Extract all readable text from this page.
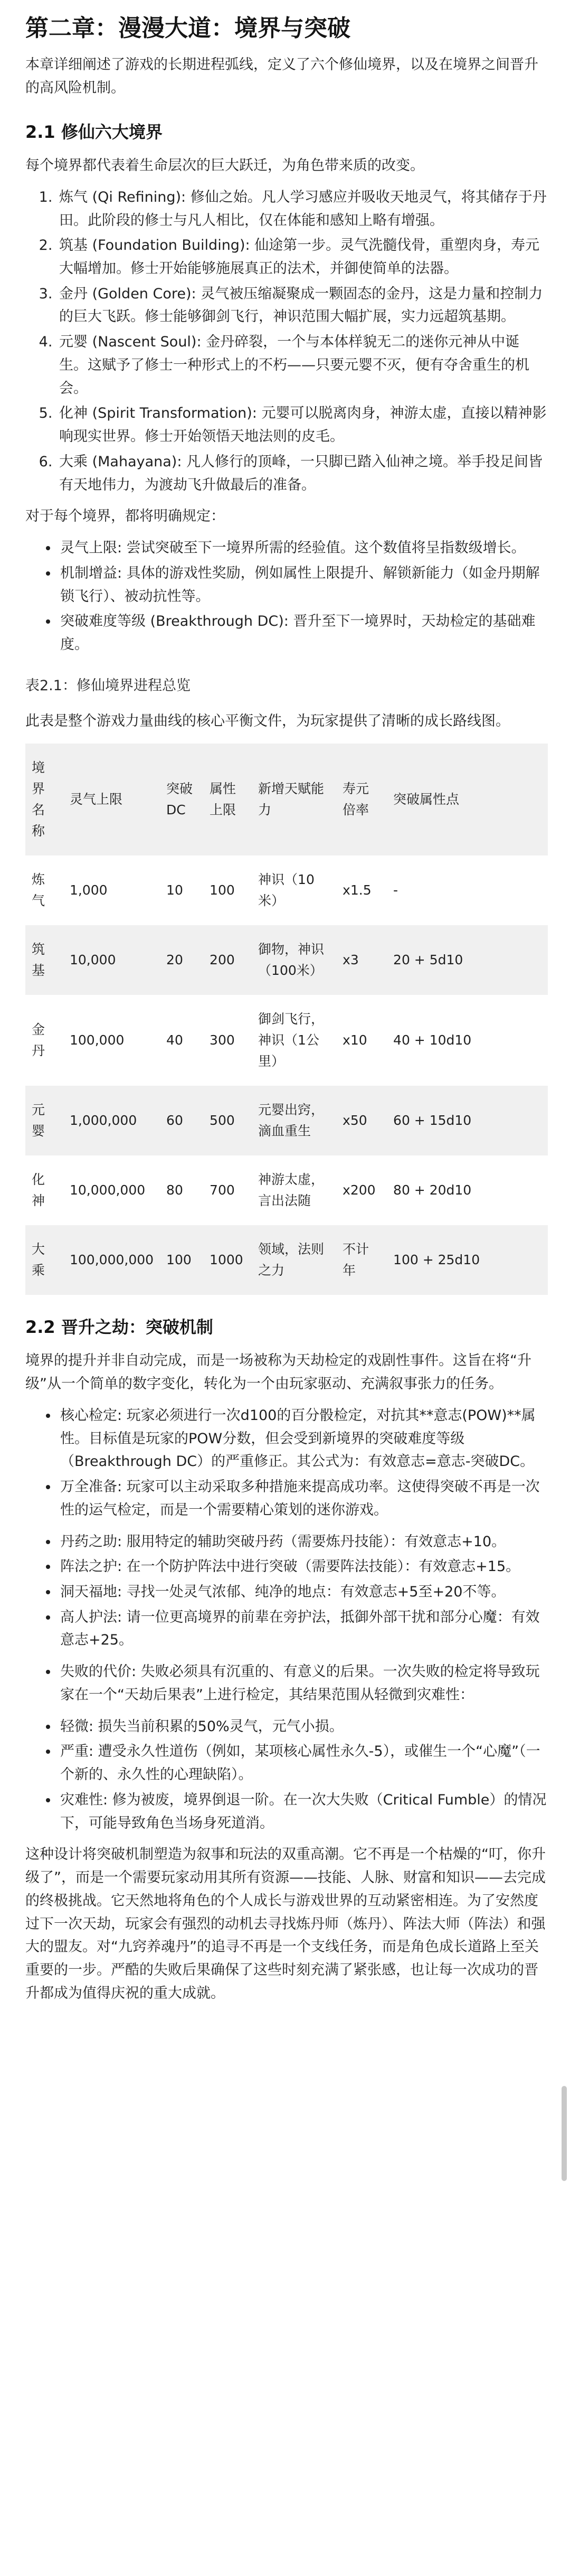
第二章：漫漫大道：境界与突破

本章详细阐述了游戏的长期进程弧线，定义了六个修仙境界，以及在境界之间晋升的高风险机制。

2.1 修仙六大境界

每个境界都代表着生命层次的巨大跃迁，为角色带来质的改变。

1. 炼气 (Qi Refining): 修仙之始。凡人学习感应并吸收天地灵气，将其储存于丹田。此阶段的修士与凡人相比，仅在体能和感知上略有增强。
2. 筑基 (Foundation Building): 仙途第一步。灵气洗髓伐骨，重塑肉身，寿元大幅增加。修士开始能够施展真正的法术，并御使简单的法器。
3. 金丹 (Golden Core): 灵气被压缩凝聚成一颗固态的金丹，这是力量和控制力的巨大飞跃。修士能够御剑飞行，神识范围大幅扩展，实力远超筑基期。
4. 元婴 (Nascent Soul): 金丹碎裂，一个与本体样貌无二的迷你元神从中诞生。这赋予了修士一种形式上的不朽——只要元婴不灭，便有夺舍重生的机会。
5. 化神 (Spirit Transformation): 元婴可以脱离肉身，神游太虚，直接以精神影响现实世界。修士开始领悟天地法则的皮毛。
6. 大乘 (Mahayana): 凡人修行的顶峰，一只脚已踏入仙神之境。举手投足间皆有天地伟力，为渡劫飞升做最后的准备。

对于每个境界，都将明确规定：

• 灵气上限: 尝试突破至下一境界所需的经验值。这个数值将呈指数级增长。
• 机制增益: 具体的游戏性奖励，例如属性上限提升、解锁新能力（如金丹期解锁飞行）、被动抗性等。
• 突破难度等级 (Breakthrough DC): 晋升至下一境界时，天劫检定的基础难度。

表2.1：修仙境界进程总览

此表是整个游戏力量曲线的核心平衡文件，为玩家提供了清晰的成长路线图。

境界名称	灵气上限	突破DC	属性上限	新增天赋能力	寿元倍率	突破属性点
炼气	1,000	10	100	神识（10米）	x1.5	-
筑基	10,000	20	200	御物，神识（100米）	x3	20 + 5d10
金丹	100,000	40	300	御剑飞行，神识（1公里）	x10	40 + 10d10
元婴	1,000,000	60	500	元婴出窍，滴血重生	x50	60 + 15d10
化神	10,000,000	80	700	神游太虚，言出法随	x200	80 + 20d10
大乘	100,000,000	100	1000	领域，法则之力	不计年	100 + 25d10
2.2 晋升之劫：突破机制

境界的提升并非自动完成，而是一场被称为天劫检定的戏剧性事件。这旨在将“升级”从一个简单的数字变化，转化为一个由玩家驱动、充满叙事张力的任务。

• 核心检定: 玩家必须进行一次d100的百分骰检定，对抗其**意志(POW)**属性。目标值是玩家的POW分数，但会受到新境界的突破难度等级（Breakthrough DC）的严重修正。其公式为：有效意志=意志-突破DC。
• 万全准备: 玩家可以主动采取多种措施来提高成功率。这使得突破不再是一次性的运气检定，而是一个需要精心策划的迷你游戏。
• 丹药之助: 服用特定的辅助突破丹药（需要炼丹技能）：有效意志+10。
• 阵法之护: 在一个防护阵法中进行突破（需要阵法技能）：有效意志+15。
• 洞天福地: 寻找一处灵气浓郁、纯净的地点：有效意志+5至+20不等。
• 高人护法: 请一位更高境界的前辈在旁护法，抵御外部干扰和部分心魔：有效意志+25。
• 失败的代价: 失败必须具有沉重的、有意义的后果。一次失败的检定将导致玩家在一个“天劫后果表”上进行检定，其结果范围从轻微到灾难性：
• 轻微: 损失当前积累的50%灵气，元气小损。
• 严重: 遭受永久性道伤（例如，某项核心属性永久-5），或催生一个“心魔”（一个新的、永久性的心理缺陷）。
• 灾难性: 修为被废，境界倒退一阶。在一次大失败（Critical Fumble）的情况下，可能导致角色当场身死道消。

这种设计将突破机制塑造为叙事和玩法的双重高潮。它不再是一个枯燥的“叮，你升级了”，而是一个需要玩家动用其所有资源——技能、人脉、财富和知识——去完成的终极挑战。它天然地将角色的个人成长与游戏世界的互动紧密相连。为了安然度过下一次天劫，玩家会有强烈的动机去寻找炼丹师（炼丹）、阵法大师（阵法）和强大的盟友。对“九窍养魂丹”的追寻不再是一个支线任务，而是角色成长道路上至关重要的一步。严酷的失败后果确保了这些时刻充满了紧张感，也让每一次成功的晋升都成为值得庆祝的重大成就。
